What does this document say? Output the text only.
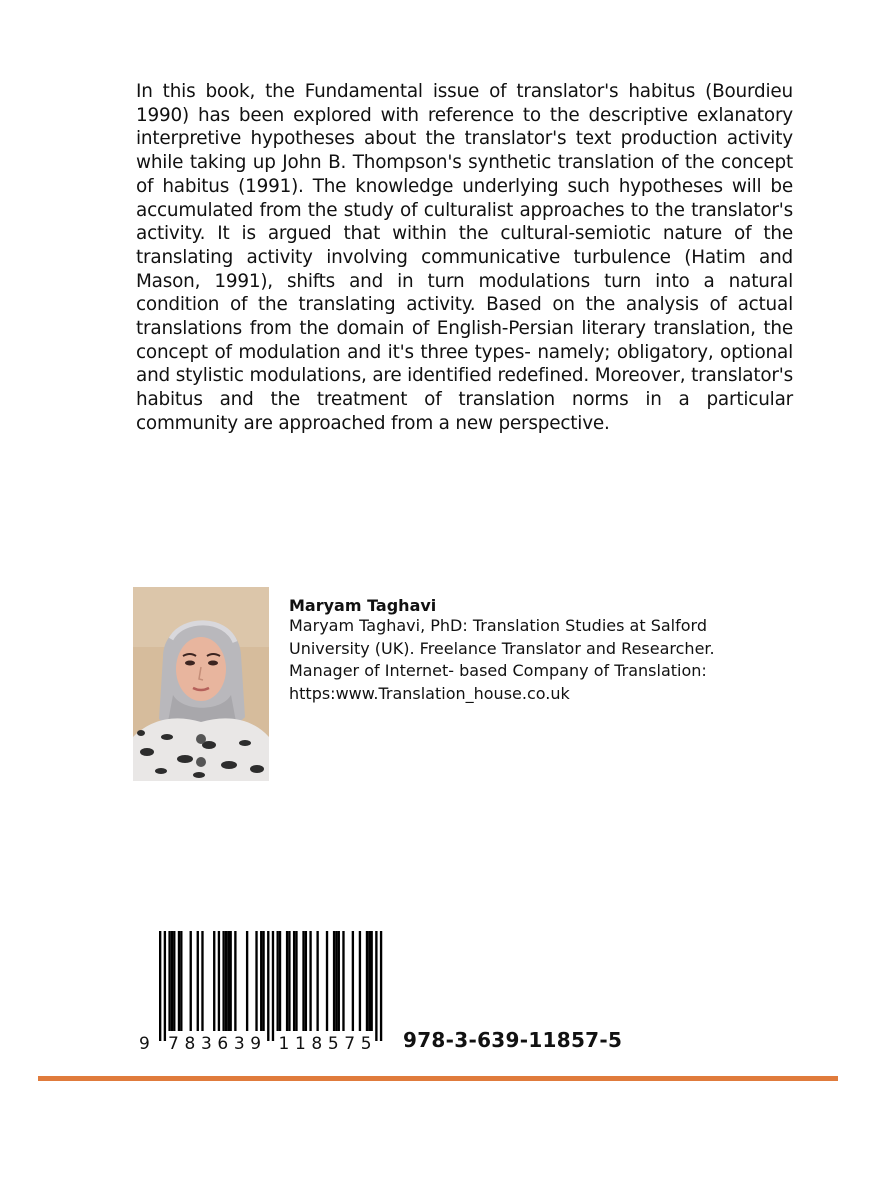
In this book, the Fundamental issue of translator's habitus (Bourdieu 1990) has been explored with reference to the descriptive exlanatory interpretive hypotheses about the translator's text production activity while taking up John B. Thompson's synthetic translation of the concept of habitus (1991). The knowledge underlying such hypotheses will be accumulated from the study of culturalist approaches to the translator's activity. It is argued that within the cultural-semiotic nature of the translating activity involving communicative turbulence (Hatim and Mason, 1991), shifts and in turn modulations turn into a natural condition of the translating activity. Based on the analysis of actual translations from the domain of English-Persian literary translation, the concept of modulation and it's three types- namely; obligatory, optional and stylistic modulations, are identified redefined. Moreover, translator's habitus and the treatment of translation norms in a particular community are approached from a new perspective.

Maryam Taghavi
Maryam Taghavi, PhD: Translation Studies at Salford
University (UK). Freelance Translator and Researcher.
Manager of Internet- based Company of Translation:
https:www.Translation_house.co.uk
9 7 8 3 6 3 9 1 1 8 5 7 5 978-3-639-11857-5
